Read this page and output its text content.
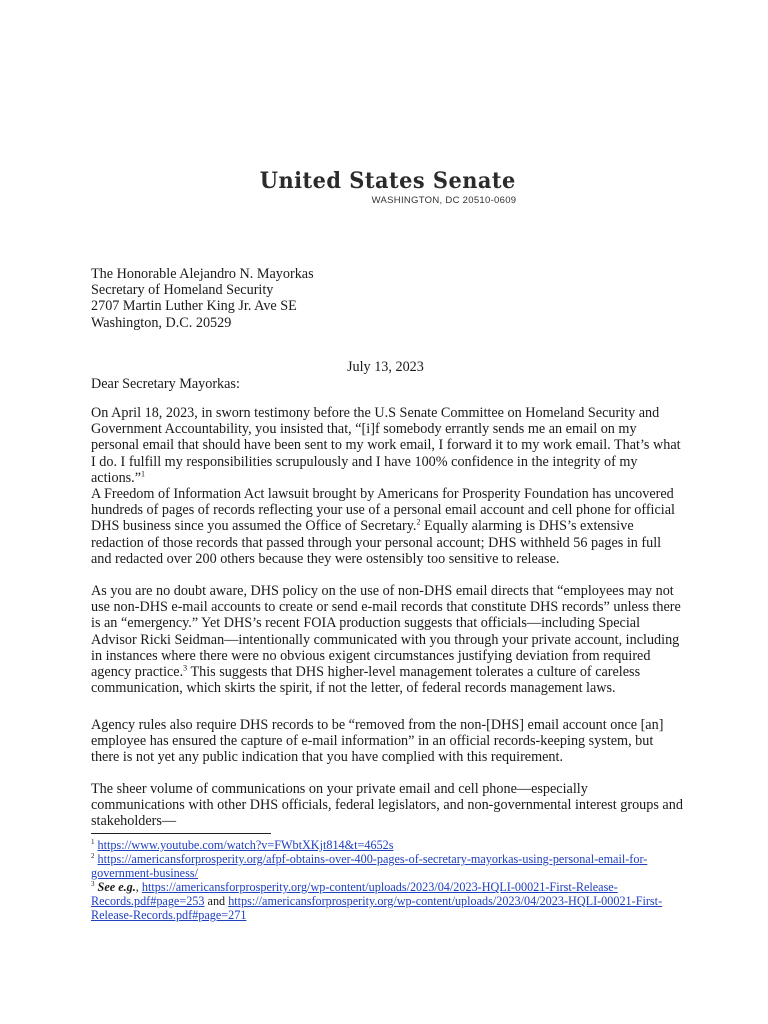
United States Senate
WASHINGTON, DC 20510-0609
The Honorable Alejandro N. Mayorkas
Secretary of Homeland Security
2707 Martin Luther King Jr. Ave SE
Washington, D.C. 20529
July 13, 2023
Dear Secretary Mayorkas:

On April 18, 2023, in sworn testimony before the U.S Senate Committee on Homeland Security and Government Accountability, you insisted that, “[i]f somebody errantly sends me an email on my personal email that should have been sent to my work email, I forward it to my work email. That’s what I do. I fulfill my responsibilities scrupulously and I have 100% confidence in the integrity of my actions.”$^1$

A Freedom of Information Act lawsuit brought by Americans for Prosperity Foundation has uncovered hundreds of pages of records reflecting your use of a personal email account and cell phone for official DHS business since you assumed the Office of Secretary.$^2$ Equally alarming is DHS’s extensive redaction of those records that passed through your personal account; DHS withheld 56 pages in full and redacted over 200 others because they were ostensibly too sensitive to release.

As you are no doubt aware, DHS policy on the use of non-DHS email directs that “employees may not use non-DHS e-mail accounts to create or send e-mail records that constitute DHS records” unless there is an “emergency.” Yet DHS’s recent FOIA production suggests that officials—including Special Advisor Ricki Seidman—intentionally communicated with you through your private account, including in instances where there were no obvious exigent circumstances justifying deviation from required agency practice.$^3$ This suggests that DHS higher-level management tolerates a culture of careless communication, which skirts the spirit, if not the letter, of federal records management laws.

Agency rules also require DHS records to be “removed from the non-[DHS] email account once [an] employee has ensured the capture of e-mail information” in an official records-keeping system, but there is not yet any public indication that you have complied with this requirement.

The sheer volume of communications on your private email and cell phone—especially communications with other DHS officials, federal legislators, and non-governmental interest groups and stakeholders—

$^1$ https://www.youtube.com/watch?v=FWbtXKjt814&t=4652s

$^2$ https://americansforprosperity.org/afpf-obtains-over-400-pages-of-secretary-mayorkas-using-personal-email-for-government-business/

$^3$ See e.g., https://americansforprosperity.org/wp-content/uploads/2023/04/2023-HQLI-00021-First-Release-Records.pdf#page=253 and https://americansforprosperity.org/wp-content/uploads/2023/04/2023-HQLI-00021-First-Release-Records.pdf#page=271
